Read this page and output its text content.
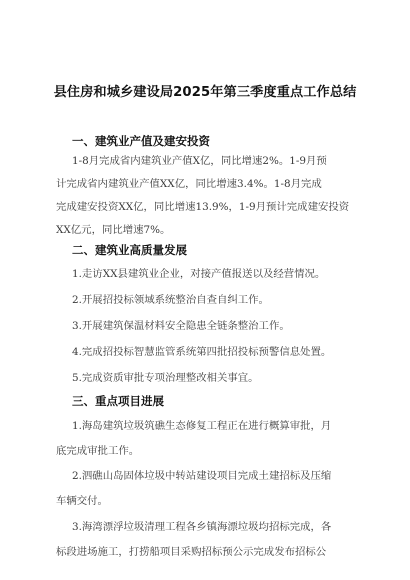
县住房和城乡建设局2025年第三季度重点工作总结
一、建筑业产值及建安投资
1-8月完成省内建筑业产值X亿，同比增速2%。1-9月预
计完成省内建筑业产值XX亿，同比增速3.4%。1-8月完成
完成建安投资XX亿，同比增速13.9%，1-9月预计完成建安投资
XX亿元，同比增速7%。
二、建筑业高质量发展
1.走访XX县建筑业企业，对接产值报送以及经营情况。
2.开展招投标领域系统整治自查自纠工作。
3.开展建筑保温材料安全隐患全链条整治工作。
4.完成招投标智慧监管系统第四批招投标预警信息处置。
5.完成资质审批专项治理整改相关事宜。
三、重点项目进展
1.海岛建筑垃圾筑礁生态修复工程正在进行概算审批，月
底完成审批工作。
2.泗礁山岛固体垃圾中转站建设项目完成土建招标及压缩
车辆交付。
3.海湾漂浮垃圾清理工程各乡镇海漂垃圾均招标完成，各
标段进场施工，打捞船项目采购招标预公示完成发布招标公
